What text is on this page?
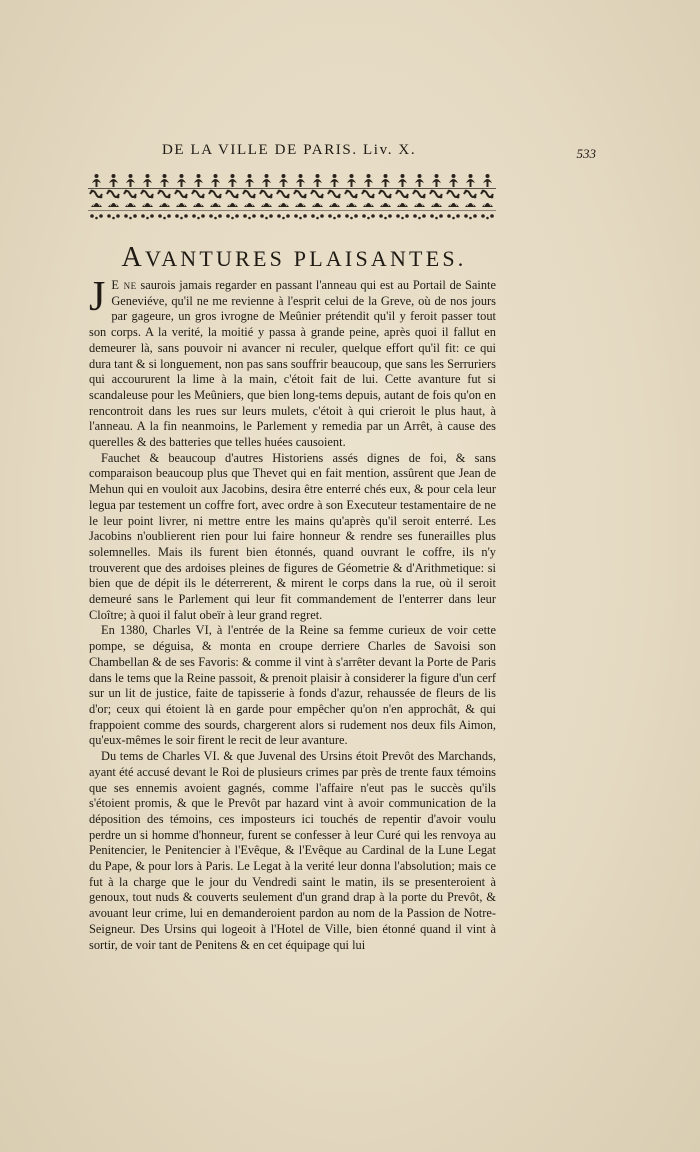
DE LA VILLE DE PARIS. Liv. X.	533
AVANTURES PLAISANTES.

J E ne saurois jamais regarder en passant l'anneau qui est au Portail de Sainte Geneviéve, qu'il ne me revienne à l'esprit celui de la Greve, où de nos jours par gageure, un gros ivrogne de Meûnier prétendit qu'il y feroit passer tout son corps. A la verité, la moitié y passa à grande peine, après quoi il fallut en demeurer là, sans pouvoir ni avancer ni reculer, quelque effort qu'il fit: ce qui dura tant & si longuement, non pas sans souffrir beaucoup, que sans les Serruriers qui accoururent la lime à la main, c'étoit fait de lui. Cette avanture fut si scandaleuse pour les Meûniers, que bien long-tems depuis, autant de fois qu'on en rencontroit dans les rues sur leurs mulets, c'étoit à qui crieroit le plus haut, à l'anneau. A la fin neanmoins, le Parlement y remedia par un Arrêt, à cause des querelles & des batteries que telles huées causoient.

Fauchet & beaucoup d'autres Historiens assés dignes de foi, & sans comparaison beaucoup plus que Thevet qui en fait mention, assûrent que Jean de Mehun qui en vouloit aux Jacobins, desira être enterré chés eux, & pour cela leur legua par testement un coffre fort, avec ordre à son Executeur testamentaire de ne le leur point livrer, ni mettre entre les mains qu'après qu'il seroit enterré. Les Jacobins n'oublierent rien pour lui faire honneur & rendre ses funerailles plus solemnelles. Mais ils furent bien étonnés, quand ouvrant le coffre, ils n'y trouverent que des ardoises pleines de figures de Géometrie & d'Arithmetique: si bien que de dépit ils le déterrerent, & mirent le corps dans la rue, où il seroit demeuré sans le Parlement qui leur fit commandement de l'enterrer dans leur Cloître; à quoi il falut obeïr à leur grand regret.

En 1380, Charles VI, à l'entrée de la Reine sa femme curieux de voir cette pompe, se déguisa, & monta en croupe derriere Charles de Savoisi son Chambellan & de ses Favoris: & comme il vint à s'arrêter devant la Porte de Paris dans le tems que la Reine passoit, & prenoit plaisir à considerer la figure d'un cerf sur un lit de justice, faite de tapisserie à fonds d'azur, rehaussée de fleurs de lis d'or; ceux qui étoient là en garde pour empêcher qu'on n'en approchât, & qui frappoient comme des sourds, chargerent alors si rudement nos deux fils Aimon, qu'eux-mêmes le soir firent le recit de leur avanture.

Du tems de Charles VI. & que Juvenal des Ursins étoit Prevôt des Marchands, ayant été accusé devant le Roi de plusieurs crimes par près de trente faux témoins que ses ennemis avoient gagnés, comme l'affaire n'eut pas le succès qu'ils s'étoient promis, & que le Prevôt par hazard vint à avoir communication de la déposition des témoins, ces imposteurs ici touchés de repentir d'avoir voulu perdre un si homme d'honneur, furent se confesser à leur Curé qui les renvoya au Penitencier, le Penitencier à l'Evêque, & l'Evêque au Cardinal de la Lune Legat du Pape, & pour lors à Paris. Le Legat à la verité leur donna l'absolution; mais ce fut à la charge que le jour du Vendredi saint le matin, ils se presenteroient à genoux, tout nuds & couverts seulement d'un grand drap à la porte du Prevôt, & avouant leur crime, lui en demanderoient pardon au nom de la Passion de Notre-Seigneur. Des Ursins qui logeoit à l'Hotel de Ville, bien étonné quand il vint à sortir, de voir tant de Penitens & en cet équipage qui lui
